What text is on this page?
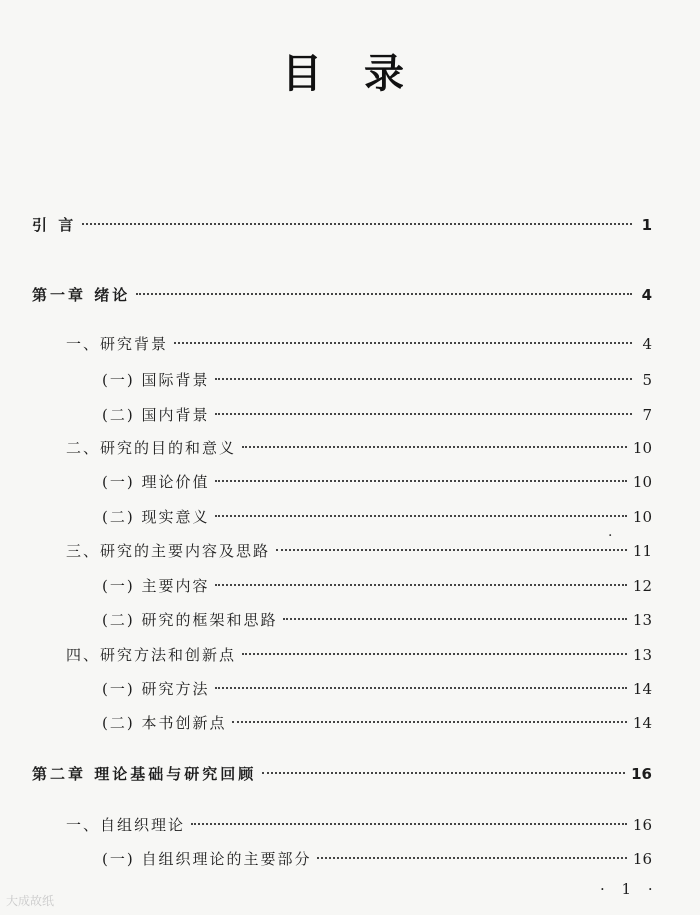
目 录
引 言	1
第一章 绪论	4
一、研究背景	4
(一) 国际背景	5
(二) 国内背景	7
二、研究的目的和意义	10
(一) 理论价值	10
(二) 现实意义	10
三、研究的主要内容及思路	11
(一) 主要内容	12
(二) 研究的框架和思路	13
四、研究方法和创新点	13
(一) 研究方法	14
(二) 本书创新点	14
第二章 理论基础与研究回顾	16
一、自组织理论	16
(一) 自组织理论的主要部分	16
·
· 1 ·
大成故纸
